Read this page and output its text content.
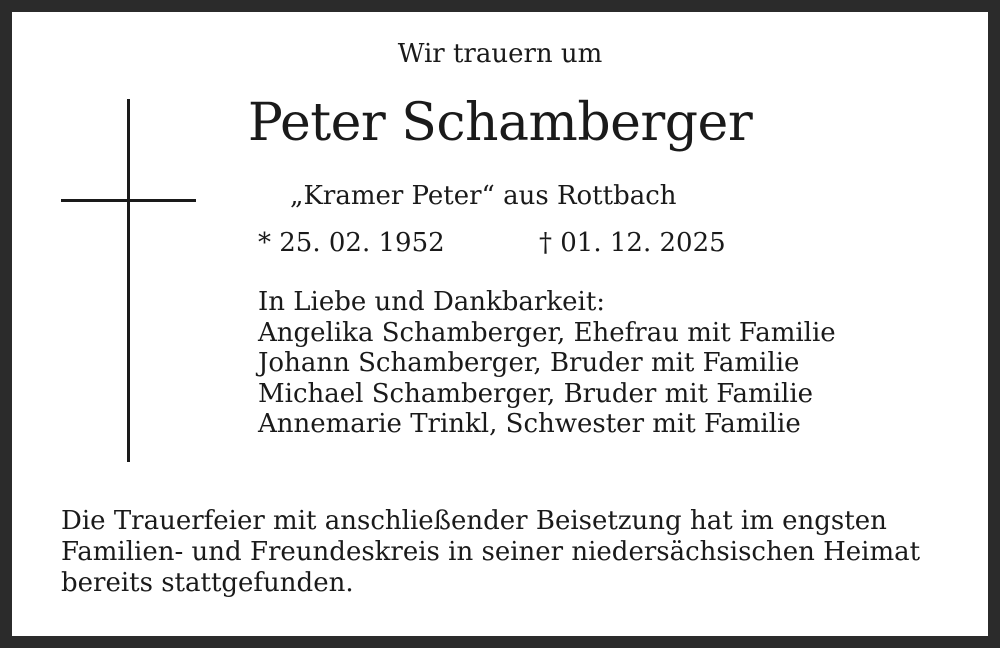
Wir trauern um
Peter Schamberger
„Kramer Peter“ aus Rottbach
* 25. 02. 1952	† 01. 12. 2025
In Liebe und Dankbarkeit:
Angelika Schamberger, Ehefrau mit Familie
Johann Schamberger, Bruder mit Familie
Michael Schamberger, Bruder mit Familie
Annemarie Trinkl, Schwester mit Familie
Die Trauerfeier mit anschließender Beisetzung hat im engsten
Familien- und Freundeskreis in seiner niedersächsischen Heimat
bereits stattgefunden.
